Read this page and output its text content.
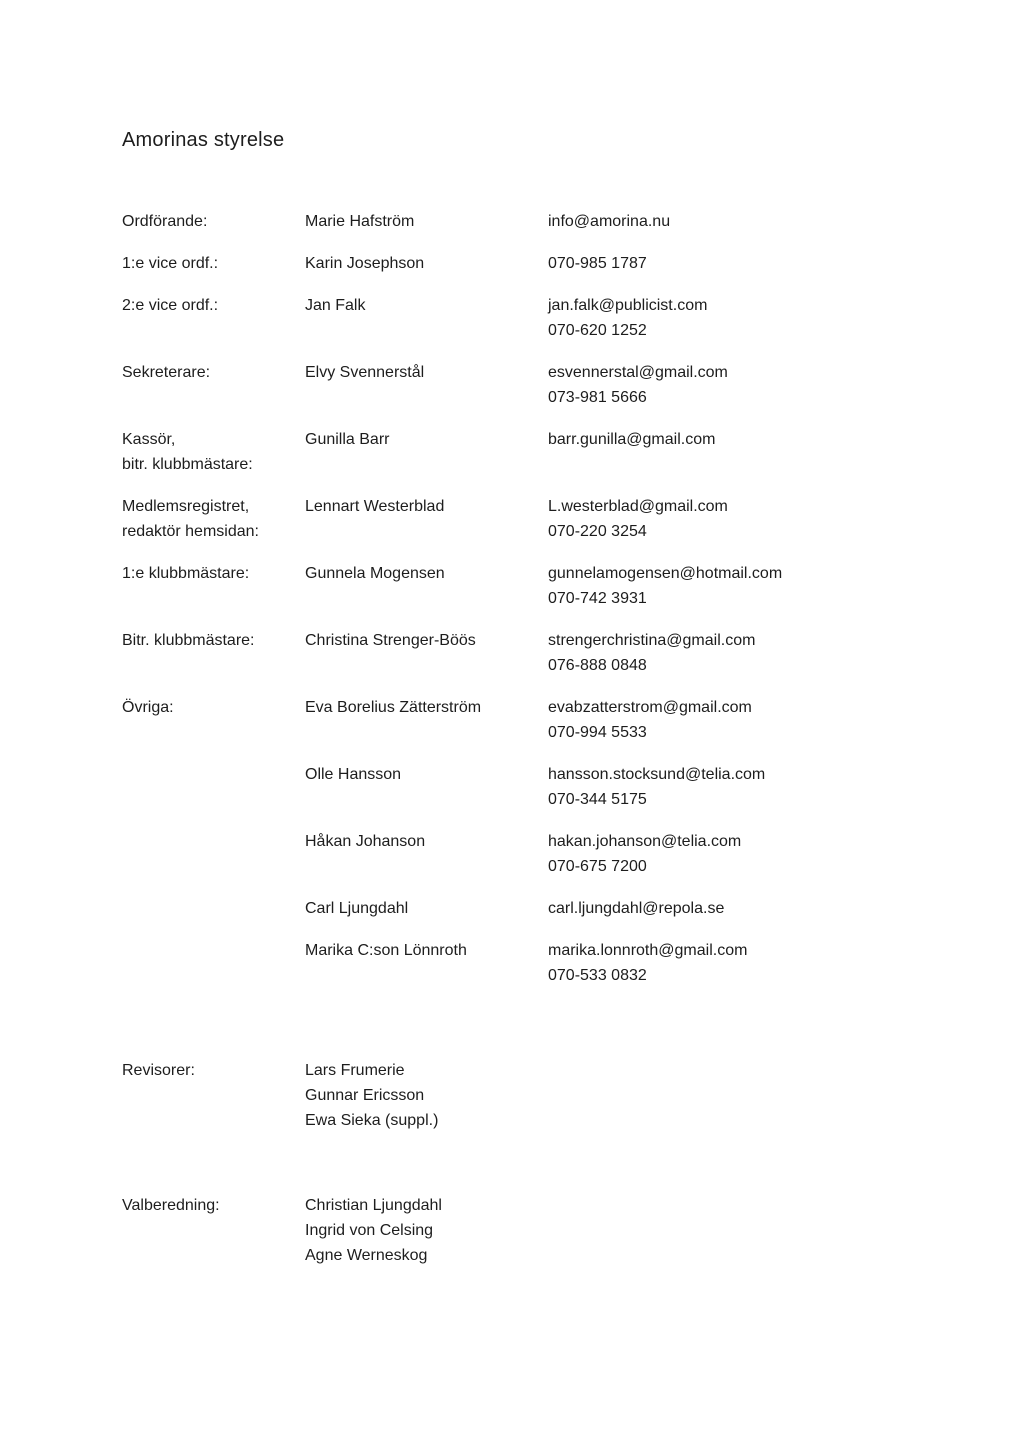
Amorinas styrelse
Ordförande:	Marie Hafström	info@amorina.nu
1:e vice ordf.:	Karin Josephson	070-985 1787
2:e vice ordf.:	Jan Falk	jan.falk@publicist.com
070-620 1252
Sekreterare:	Elvy Svennerstål	esvennerstal@gmail.com
073-981 5666
Kassör,
bitr. klubbmästare:
Gunilla Barr	barr.gunilla@gmail.com
Medlemsregistret,
redaktör hemsidan:
Lennart Westerblad	L.westerblad@gmail.com
070-220 3254
1:e klubbmästare:	Gunnela Mogensen	gunnelamogensen@hotmail.com
070-742 3931
Bitr. klubbmästare:	Christina Strenger-Böös	strengerchristina@gmail.com
076-888 0848
Övriga:	Eva Borelius Zätterström	evabzatterstrom@gmail.com
070-994 5533
Olle Hansson	hansson.stocksund@telia.com
070-344 5175
Håkan Johanson	hakan.johanson@telia.com
070-675 7200
Carl Ljungdahl	carl.ljungdahl@repola.se
Marika C:son Lönnroth	marika.lonnroth@gmail.com
070-533 0832
Revisorer:	Lars Frumerie
Gunnar Ericsson
Ewa Sieka (suppl.)
Valberedning:	Christian Ljungdahl
Ingrid von Celsing
Agne Werneskog
